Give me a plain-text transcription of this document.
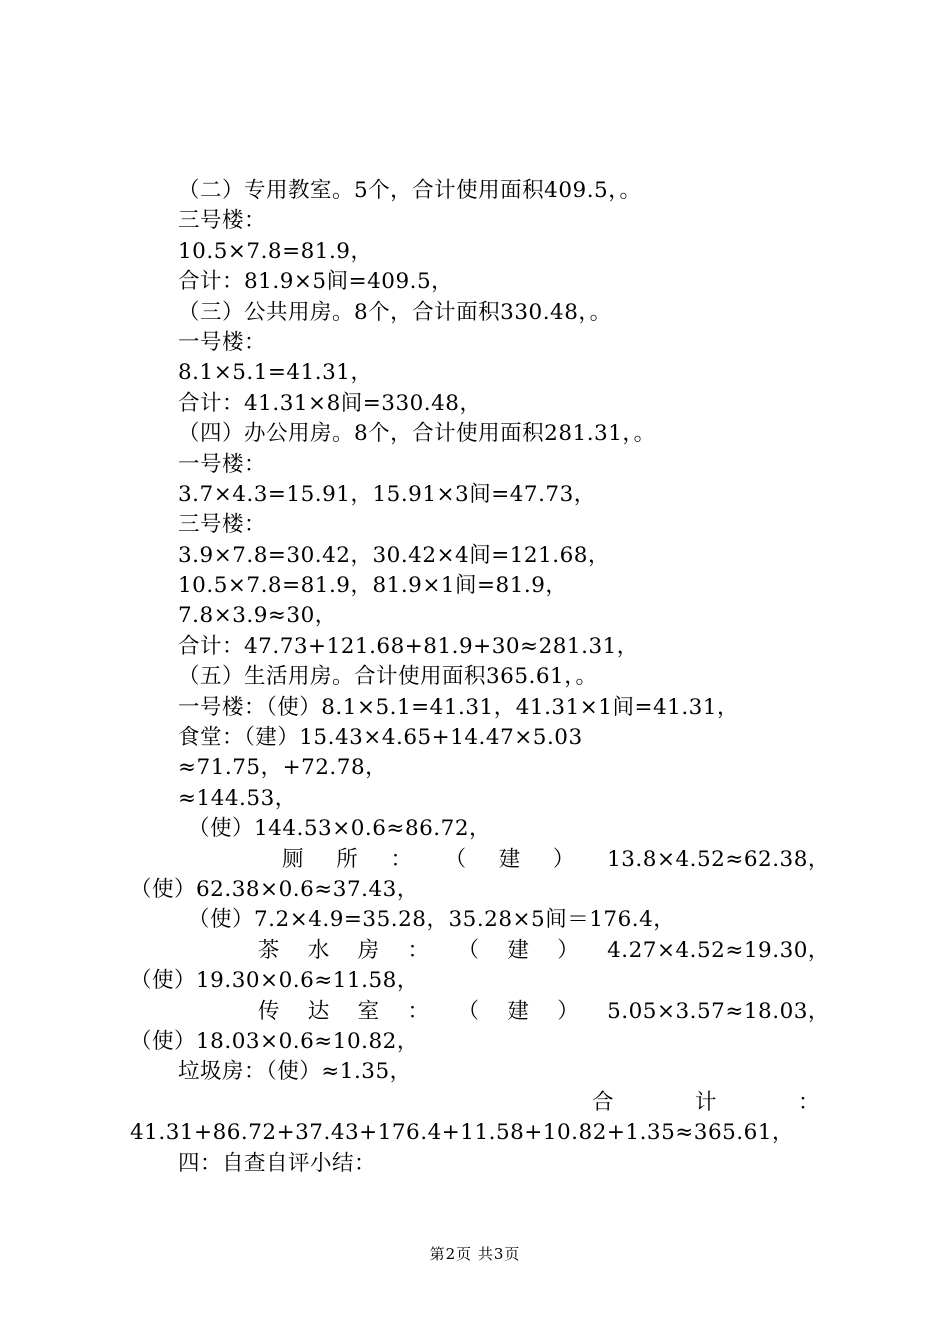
（二）专用教室。5个，合计使用面积409.5，。
三号楼：
10.5×7.8=81.9，
合计：81.9×5间=409.5，
（三）公共用房。8个，合计面积330.48，。
一号楼：
8.1×5.1=41.31，
合计：41.31×8间=330.48，
（四）办公用房。8个，合计使用面积281.31，。
一号楼：
3.7×4.3=15.91，15.91×3间=47.73，
三号楼：
3.9×7.8=30.42，30.42×4间=121.68，
10.5×7.8=81.9，81.9×1间=81.9，
7.8×3.9≈30，
合计：47.73+121.68+81.9+30≈281.31，
（五）生活用房。合计使用面积365.61，。
一号楼：（使）8.1×5.1=41.31，41.31×1间=41.31，
食堂：（建）15.43×4.65+14.47×5.03
≈71.75，+72.78，
≈144.53，
（使）144.53×0.6≈86.72，
厕 所 ： （ 建 ） 13.8×4.52≈62.38，
（使）62.38×0.6≈37.43，
（使）7.2×4.9=35.28，35.28×5间＝176.4，
茶 水 房 ： （ 建 ） 4.27×4.52≈19.30，
（使）19.30×0.6≈11.58，
传 达 室 ： （ 建 ） 5.05×3.57≈18.03，
（使）18.03×0.6≈10.82，
垃圾房：（使）≈1.35，
合	计	：
41.31+86.72+37.43+176.4+11.58+10.82+1.35≈365.61，
四：自查自评小结：
第2页 共3页
